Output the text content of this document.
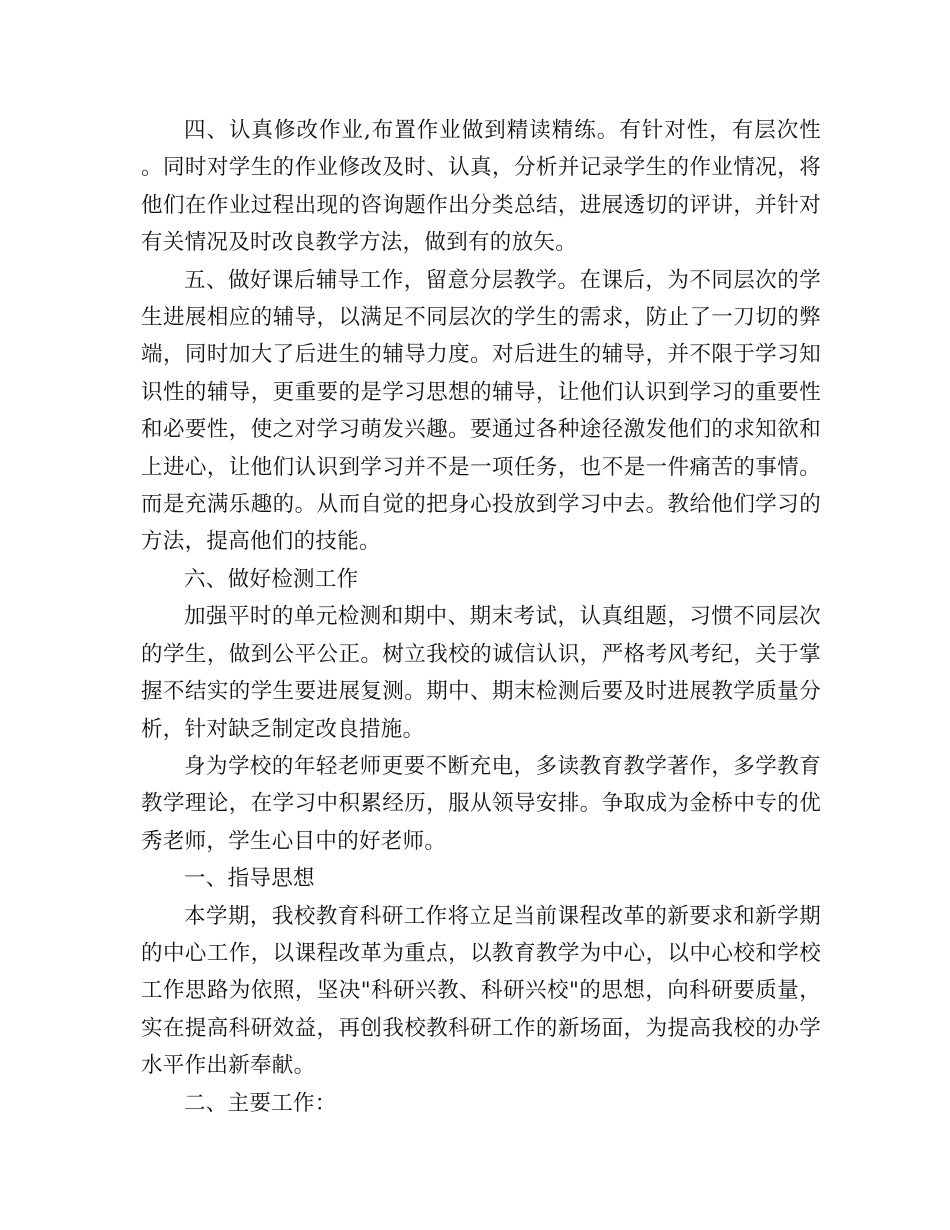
四、认真修改作业,布置作业做到精读精练。有针对性，有层次性。同时对学生的作业修改及时、认真，分析并记录学生的作业情况，将他们在作业过程出现的咨询题作出分类总结，进展透切的评讲，并针对有关情况及时改良教学方法，做到有的放矢。

五、做好课后辅导工作，留意分层教学。在课后，为不同层次的学生进展相应的辅导，以满足不同层次的学生的需求，防止了一刀切的弊端，同时加大了后进生的辅导力度。对后进生的辅导，并不限于学习知识性的辅导，更重要的是学习思想的辅导，让他们认识到学习的重要性和必要性，使之对学习萌发兴趣。要通过各种途径激发他们的求知欲和上进心，让他们认识到学习并不是一项任务，也不是一件痛苦的事情。而是充满乐趣的。从而自觉的把身心投放到学习中去。教给他们学习的方法，提高他们的技能。

六、做好检测工作

加强平时的单元检测和期中、期末考试，认真组题，习惯不同层次的学生，做到公平公正。树立我校的诚信认识，严格考风考纪，关于掌握不结实的学生要进展复测。期中、期末检测后要及时进展教学质量分析，针对缺乏制定改良措施。

身为学校的年轻老师更要不断充电，多读教育教学著作，多学教育教学理论，在学习中积累经历，服从领导安排。争取成为金桥中专的优秀老师，学生心目中的好老师。

一、指导思想

本学期，我校教育科研工作将立足当前课程改革的新要求和新学期的中心工作，以课程改革为重点，以教育教学为中心，以中心校和学校工作思路为依照，坚决"科研兴教、科研兴校"的思想，向科研要质量，实在提高科研效益，再创我校教科研工作的新场面，为提高我校的办学水平作出新奉献。

二、主要工作：
